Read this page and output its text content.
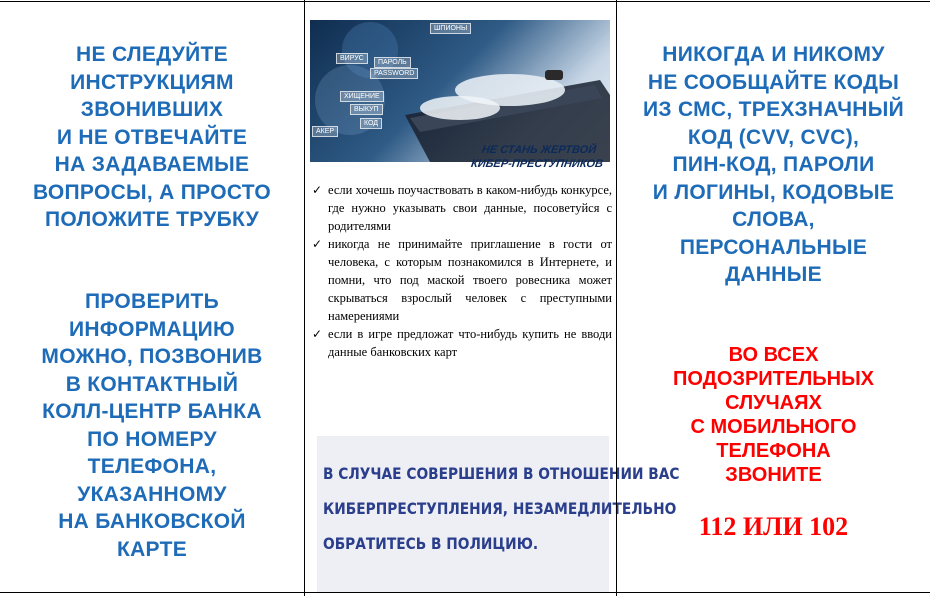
НЕ СЛЕДУЙТЕ
ИНСТРУКЦИЯМ
ЗВОНИВШИХ
И НЕ ОТВЕЧАЙТЕ
НА ЗАДАВАЕМЫЕ
ВОПРОСЫ, А ПРОСТО
ПОЛОЖИТЕ ТРУБКУ
ПРОВЕРИТЬ
ИНФОРМАЦИЮ
МОЖНО, ПОЗВОНИВ
В КОНТАКТНЫЙ
КОЛЛ-ЦЕНТР БАНКА
ПО НОМЕРУ
ТЕЛЕФОНА,
УКАЗАННОМУ
НА БАНКОВСКОЙ
КАРТЕ
ШПИОНЫ
ВИРУС
ПАРОЛЬ
PASSWORD
ХИЩЕНИЕ
ВЫКУП
КОД
АКЕР
НЕ СТАНЬ ЖЕРТВОЙ
КИБЕР-ПРЕСТУПНИКОВ
✓ если хочешь поучаствовать в каком-нибудь конкурсе, где нужно указывать свои данные, посоветуйся с родителями
✓ никогда не принимайте приглашение в гости от человека, с которым познакомился в Интернете, и помни, что под маской твоего ровесника может скрываться взрослый человек с преступными намерениями
✓ если в игре предложат что-нибудь купить не вводи данные банковских карт
В СЛУЧАЕ СОВЕРШЕНИЯ В ОТНОШЕНИИ ВАС
КИБЕРПРЕСТУПЛЕНИЯ, НЕЗАМЕДЛИТЕЛЬНО
ОБРАТИТЕСЬ В ПОЛИЦИЮ.
НИКОГДА И НИКОМУ
НЕ СООБЩАЙТЕ КОДЫ
ИЗ СМС, ТРЕХЗНАЧНЫЙ
КОД (CVV, CVC),
ПИН-КОД, ПАРОЛИ
И ЛОГИНЫ, КОДОВЫЕ
СЛОВА,
ПЕРСОНАЛЬНЫЕ
ДАННЫЕ
ВО ВСЕХ
ПОДОЗРИТЕЛЬНЫХ
СЛУЧАЯХ
С МОБИЛЬНОГО
ТЕЛЕФОНА
ЗВОНИТЕ
112 ИЛИ 102
